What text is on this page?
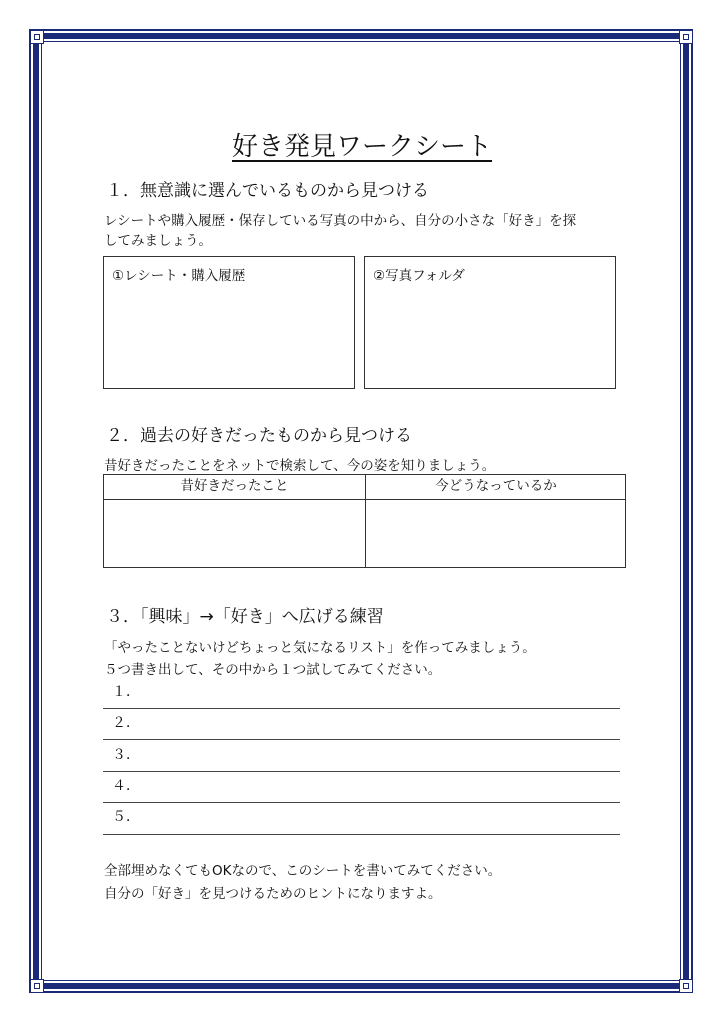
好き発見ワークシート
１．無意識に選んでいるものから見つける
レシートや購入履歴・保存している写真の中から、自分の小さな「好き」を探
してみましょう。
①レシート・購入履歴	②写真フォルダ
２．過去の好きだったものから見つける
昔好きだったことをネットで検索して、今の姿を知りましょう。
昔好きだったこと	今どうなっているか
３．「興味」→「好き」へ広げる練習
「やったことないけどちょっと気になるリスト」を作ってみましょう。
５つ書き出して、その中から１つ試してみてください。
１．
２．
３．
４．
５．
全部埋めなくてもOKなので、このシートを書いてみてください。
自分の「好き」を見つけるためのヒントになりますよ。
